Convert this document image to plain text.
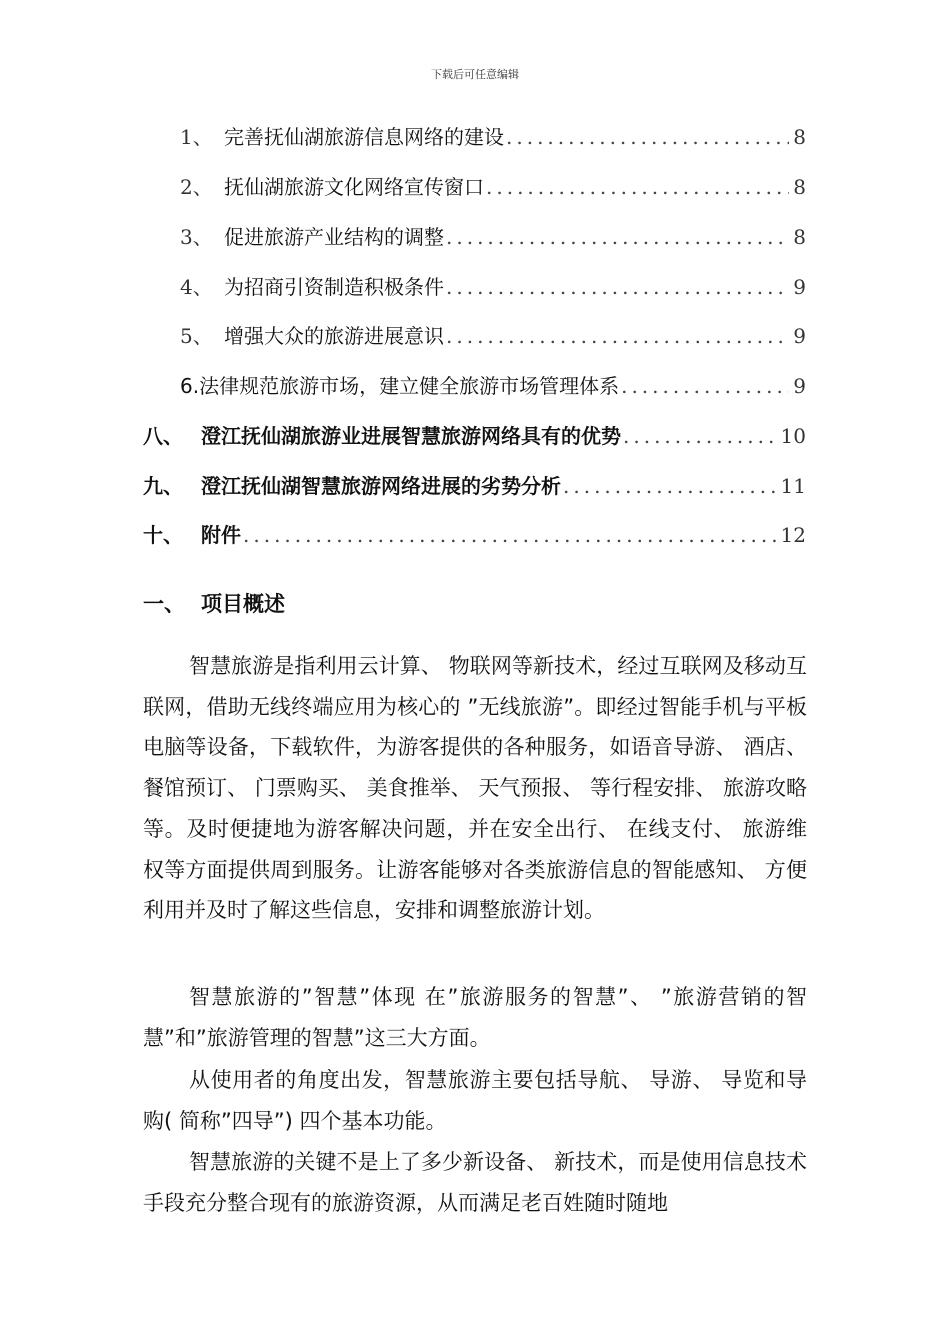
下载后可任意编辑
1、 完善抚仙湖旅游信息网络的建设 .....	8
2、 抚仙湖旅游文化网络宣传窗口 .....	8
3、 促进旅游产业结构的调整 .....	8
4、 为招商引资制造积极条件 .....	9
5、 增强大众的旅游进展意识 .....	9
6.法律规范旅游市场，建立健全旅游市场管理体系 .....	9
八、 澄江抚仙湖旅游业进展智慧旅游网络具有的优势 .....	10
九、 澄江抚仙湖智慧旅游网络进展的劣势分析 .....	11
十、 附件 .....	12
一、 项目概述
智慧旅游是指利用云计算、 物联网等新技术，经过互联网及移动互联网，借助无线终端应用为核心的 ”无线旅游”。即经过智能手机与平板电脑等设备，下载软件，为游客提供的各种服务，如语音导游、 酒店、 餐馆预订、 门票购买、 美食推举、 天气预报、 等行程安排、 旅游攻略等。及时便捷地为游客解决问题，并在安全出行、 在线支付、 旅游维权等方面提供周到服务。让游客能够对各类旅游信息的智能感知、 方便利用并及时了解这些信息，安排和调整旅游计划。
智慧旅游的”智慧”体现 在”旅游服务的智慧”、 ”旅游营销的智慧”和”旅游管理的智慧”这三大方面。
从使用者的角度出发，智慧旅游主要包括导航、 导游、 导览和导购( 简称”四导”) 四个基本功能。
智慧旅游的关键不是上了多少新设备、 新技术，而是使用信息技术手段充分整合现有的旅游资源，从而满足老百姓随时随地
